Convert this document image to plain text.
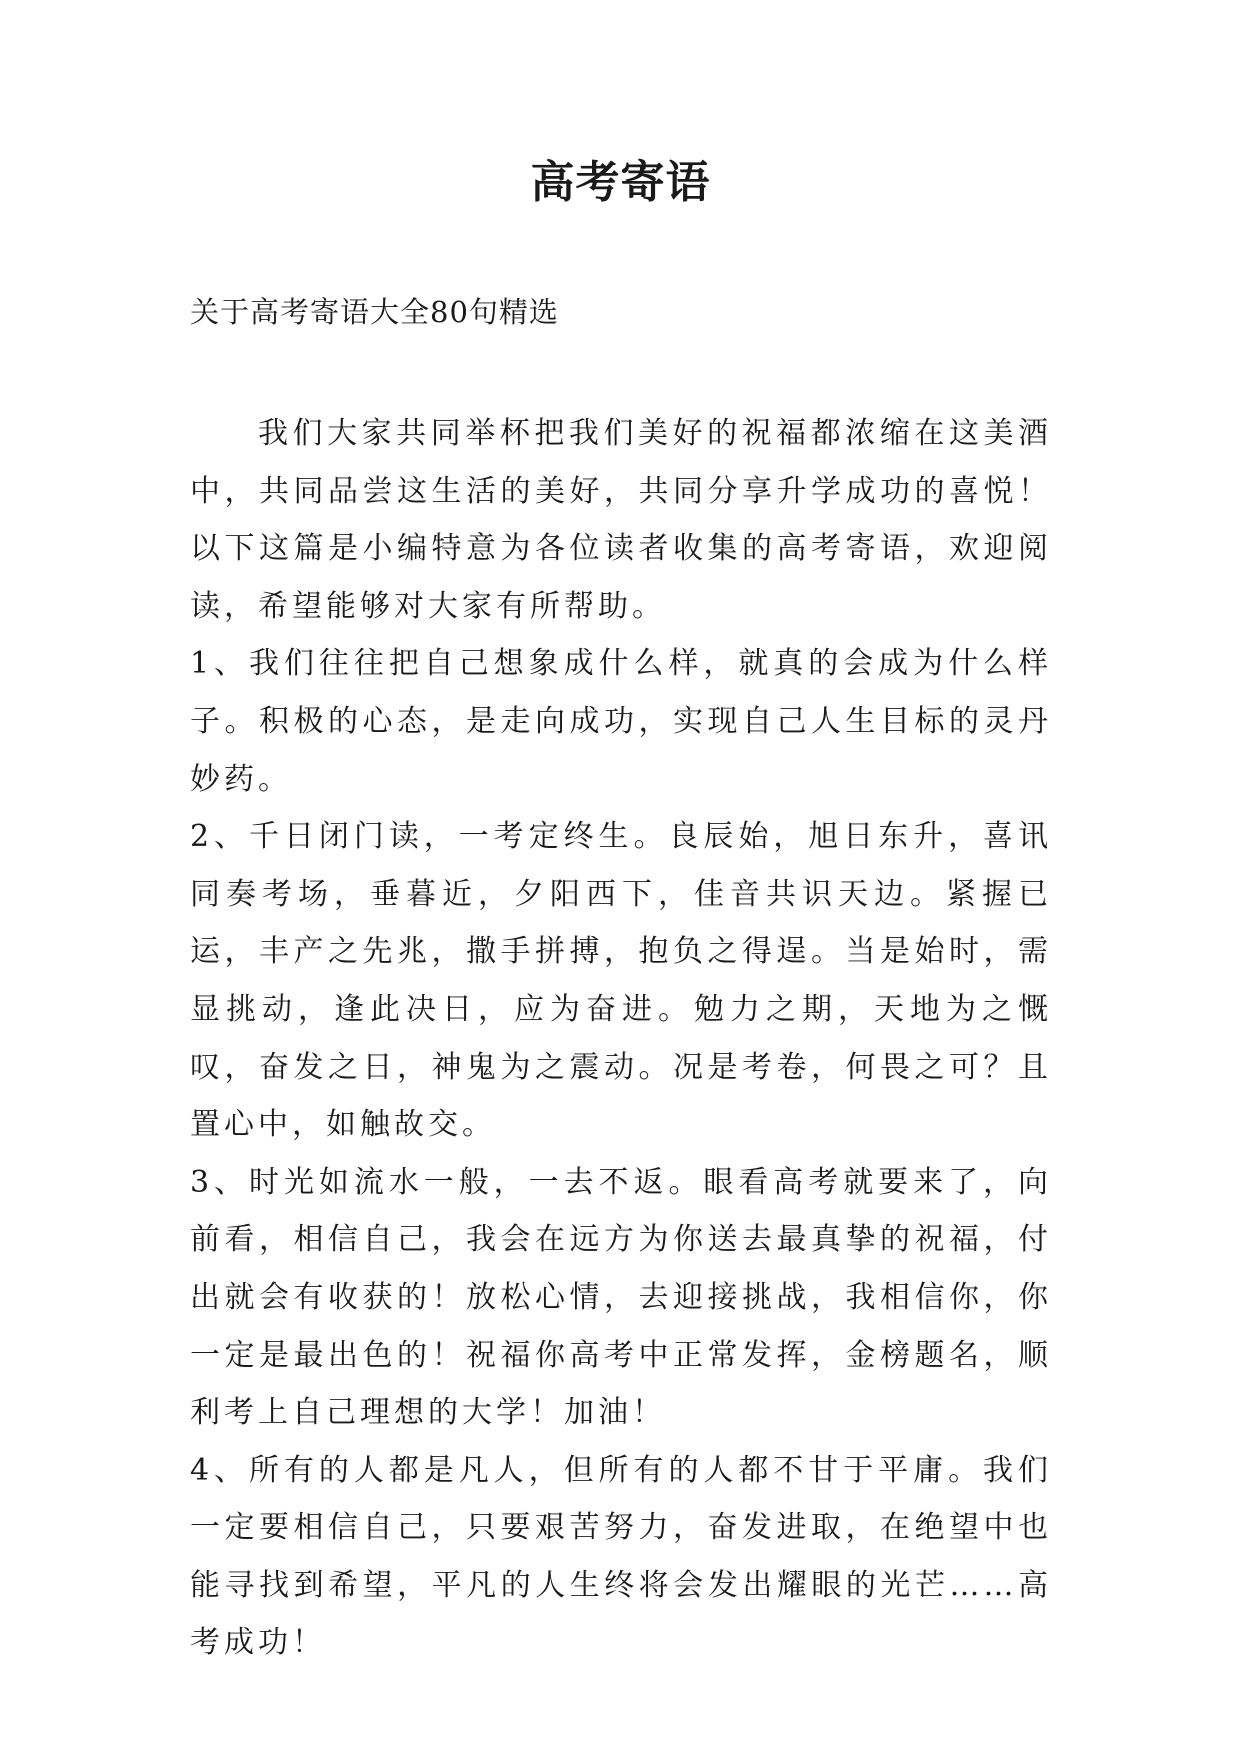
高考寄语
关于高考寄语大全80句精选

我们大家共同举杯把我们美好的祝福都浓缩在这美酒中，共同品尝这生活的美好，共同分享升学成功的喜悦！以下这篇是小编特意为各位读者收集的高考寄语，欢迎阅读，希望能够对大家有所帮助。

1、我们往往把自己想象成什么样，就真的会成为什么样子。积极的心态，是走向成功，实现自己人生目标的灵丹妙药。

2、千日闭门读，一考定终生。良辰始，旭日东升，喜讯同奏考场，垂暮近，夕阳西下，佳音共识天边。紧握已运，丰产之先兆，撒手拼搏，抱负之得逞。当是始时，需显挑动，逢此决日，应为奋进。勉力之期，天地为之慨叹，奋发之日，神鬼为之震动。况是考卷，何畏之可？且置心中，如触故交。

3、时光如流水一般，一去不返。眼看高考就要来了，向前看，相信自己，我会在远方为你送去最真挚的祝福，付出就会有收获的！放松心情，去迎接挑战，我相信你，你一定是最出色的！祝福你高考中正常发挥，金榜题名，顺利考上自己理想的大学！加油！

4、所有的人都是凡人，但所有的人都不甘于平庸。我们一定要相信自己，只要艰苦努力，奋发进取，在绝望中也能寻找到希望，平凡的人生终将会发出耀眼的光芒……高考成功！
